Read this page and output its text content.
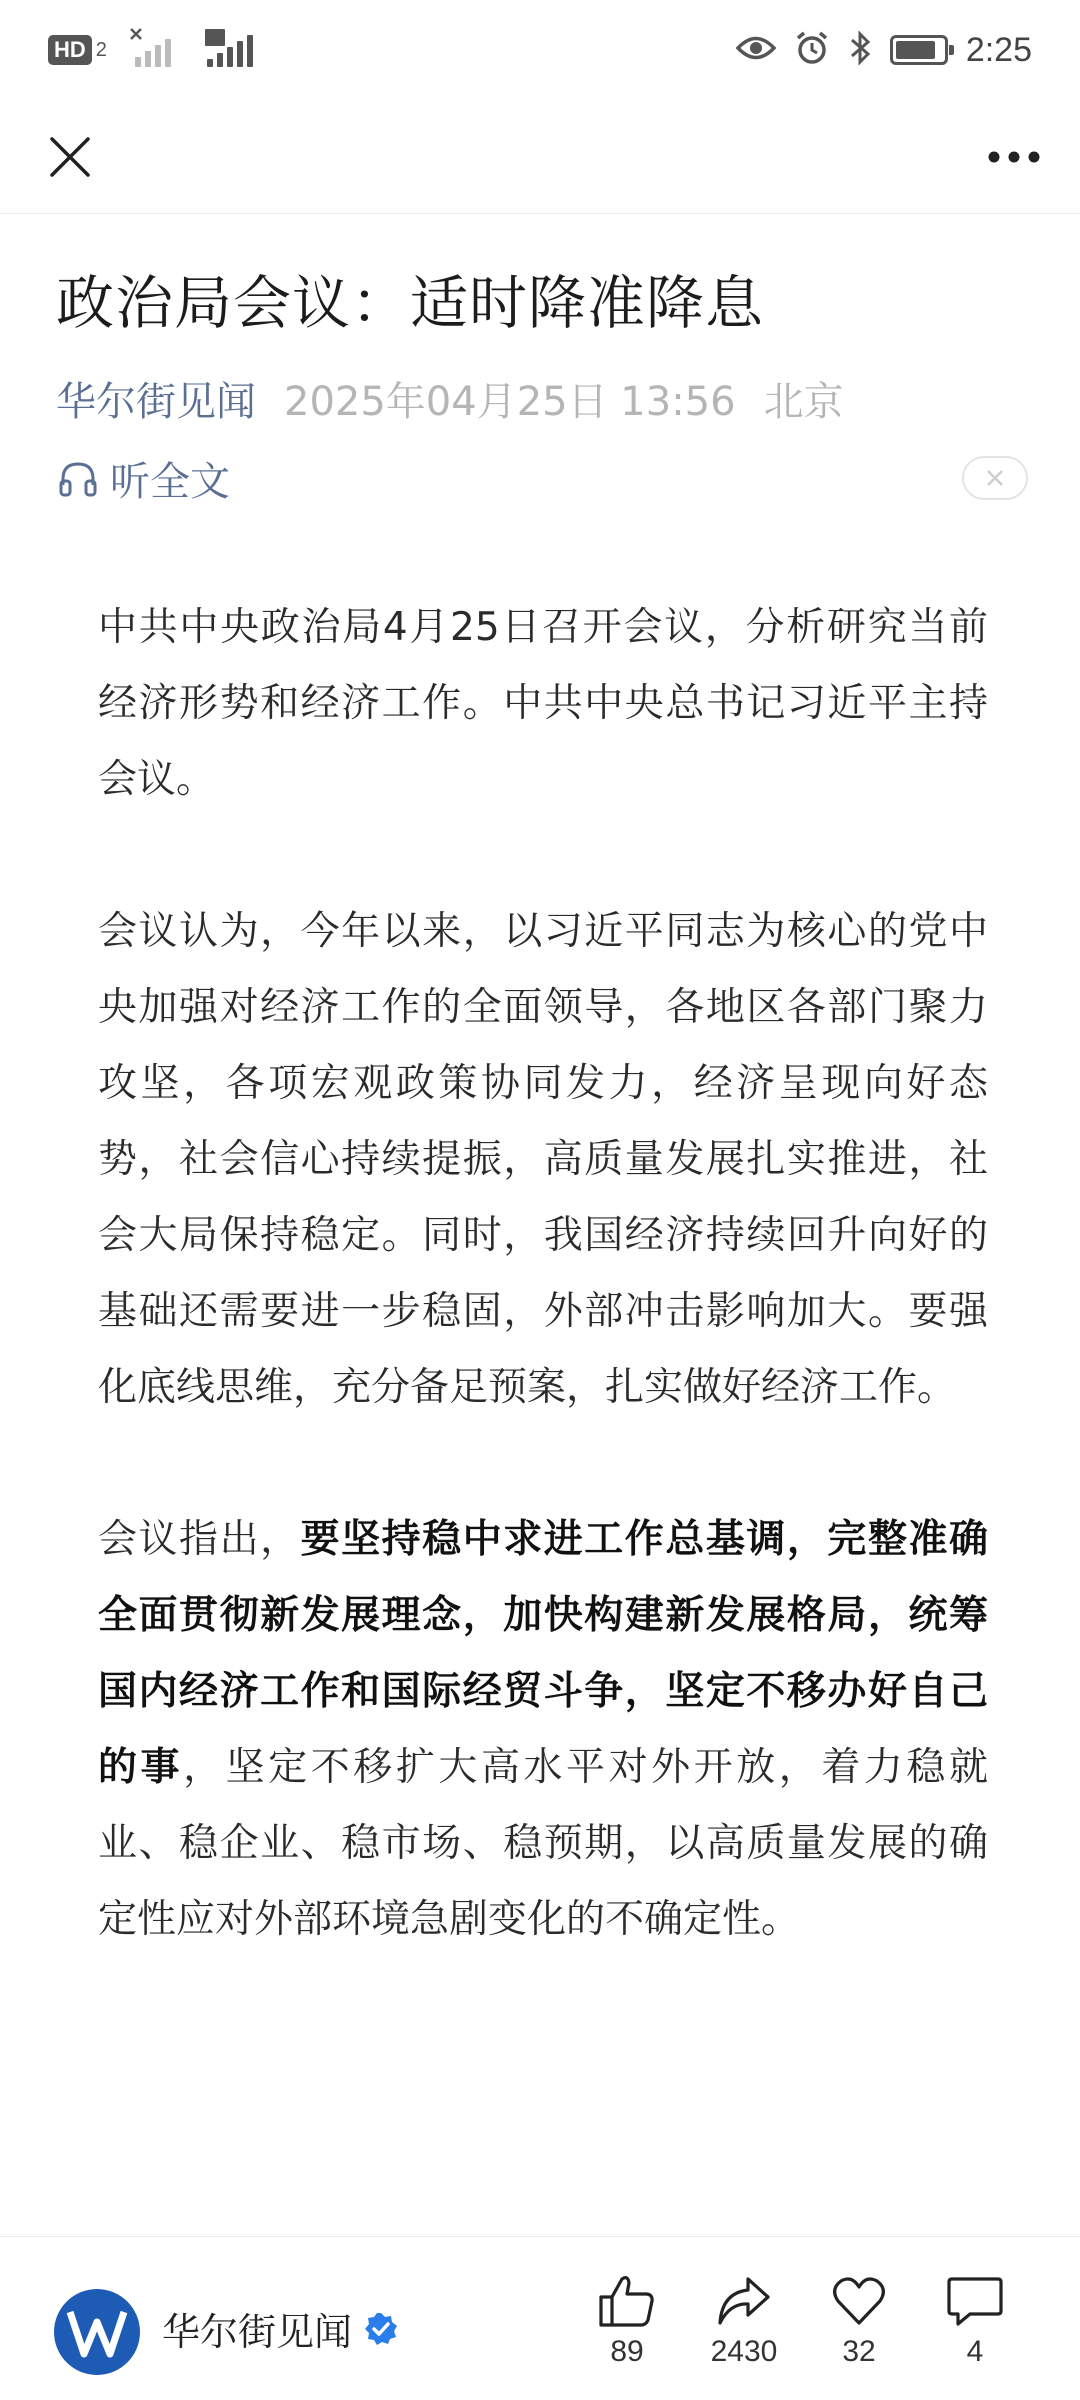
HD 2
5G	2:25
政治局会议：适时降准降息
华尔街见闻 2025年04月25日 13:56 北京
听全文

中共中央政治局4月25日召开会议，分析研究当前经济形势和经济工作。中共中央总书记习近平主持会议。

会议认为，今年以来，以习近平同志为核心的党中央加强对经济工作的全面领导，各地区各部门聚力攻坚，各项宏观政策协同发力，经济呈现向好态势，社会信心持续提振，高质量发展扎实推进，社会大局保持稳定。同时，我国经济持续回升向好的基础还需要进一步稳固，外部冲击影响加大。要强化底线思维，充分备足预案，扎实做好经济工作。

会议指出，要坚持稳中求进工作总基调，完整准确全面贯彻新发展理念，加快构建新发展格局，统筹国内经济工作和国际经贸斗争，坚定不移办好自己的事，坚定不移扩大高水平对外开放，着力稳就业、稳企业、稳市场、稳预期，以高质量发展的确定性应对外部环境急剧变化的不确定性。

华尔街见闻	89 2430 32	4
